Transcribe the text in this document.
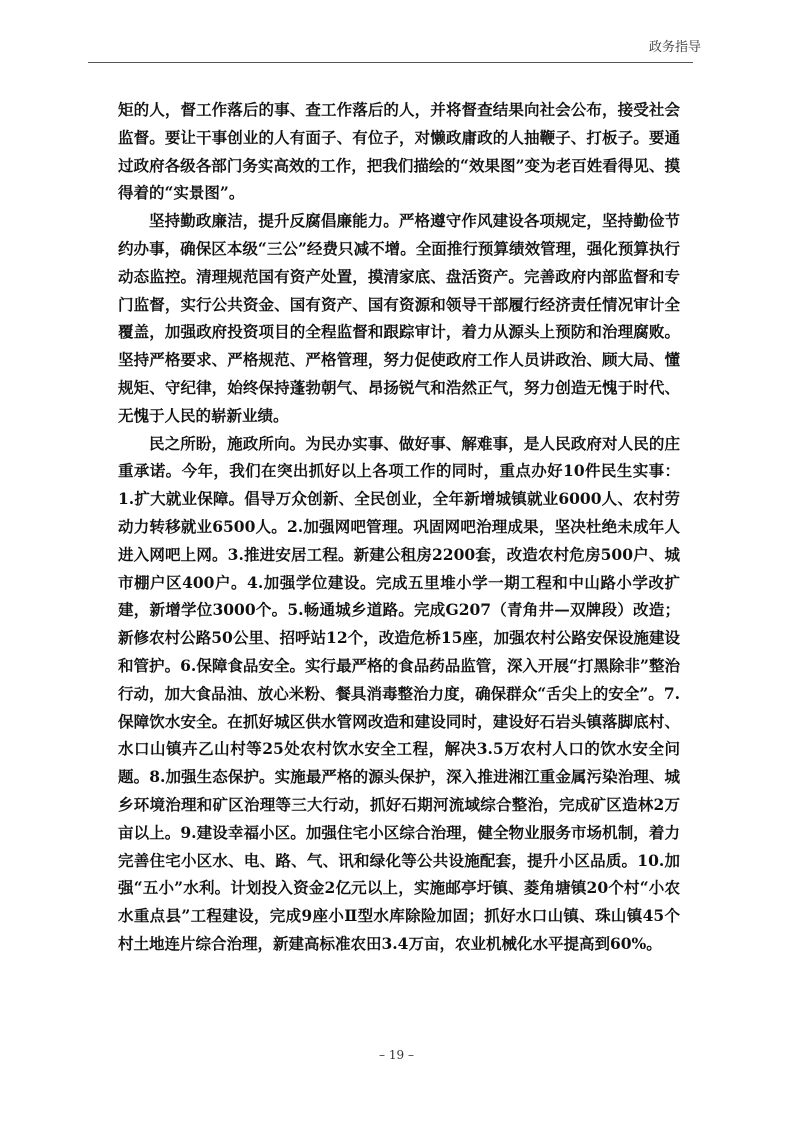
政务指导

矩的人，督工作落后的事、查工作落后的人，并将督查结果向社会公布，接受社会监督。要让干事创业的人有面子、有位子，对懒政庸政的人抽鞭子、打板子。要通过政府各级各部门务实高效的工作，把我们描绘的“效果图”变为老百姓看得见、摸得着的“实景图”。

坚持勤政廉洁，提升反腐倡廉能力。严格遵守作风建设各项规定，坚持勤俭节约办事，确保区本级“三公”经费只减不增。全面推行预算绩效管理，强化预算执行动态监控。清理规范国有资产处置，摸清家底、盘活资产。完善政府内部监督和专门监督，实行公共资金、国有资产、国有资源和领导干部履行经济责任情况审计全覆盖，加强政府投资项目的全程监督和跟踪审计，着力从源头上预防和治理腐败。坚持严格要求、严格规范、严格管理，努力促使政府工作人员讲政治、顾大局、懂规矩、守纪律，始终保持蓬勃朝气、昂扬锐气和浩然正气，努力创造无愧于时代、无愧于人民的崭新业绩。

民之所盼，施政所向。为民办实事、做好事、解难事，是人民政府对人民的庄重承诺。今年，我们在突出抓好以上各项工作的同时，重点办好10件民生实事：1.扩大就业保障。倡导万众创新、全民创业，全年新增城镇就业6000人、农村劳动力转移就业6500人。2.加强网吧管理。巩固网吧治理成果，坚决杜绝未成年人进入网吧上网。3.推进安居工程。新建公租房2200套，改造农村危房500户、城市棚户区400户。4.加强学位建设。完成五里堆小学一期工程和中山路小学改扩建，新增学位3000个。5.畅通城乡道路。完成G207（青角井—双牌段）改造；新修农村公路50公里、招呼站12个，改造危桥15座，加强农村公路安保设施建设和管护。6.保障食品安全。实行最严格的食品药品监管，深入开展“打黑除非”整治行动，加大食品油、放心米粉、餐具消毒整治力度，确保群众“舌尖上的安全”。7.保障饮水安全。在抓好城区供水管网改造和建设同时，建设好石岩头镇落脚底村、水口山镇卉乙山村等25处农村饮水安全工程，解决3.5万农村人口的饮水安全问题。8.加强生态保护。实施最严格的源头保护，深入推进湘江重金属污染治理、城乡环境治理和矿区治理等三大行动，抓好石期河流域综合整治，完成矿区造林2万亩以上。9.建设幸福小区。加强住宅小区综合治理，健全物业服务市场机制，着力完善住宅小区水、电、路、气、讯和绿化等公共设施配套，提升小区品质。10.加强“五小”水利。计划投入资金2亿元以上，实施邮亭圩镇、菱角塘镇20个村“小农水重点县”工程建设，完成9座小Ⅱ型水库除险加固；抓好水口山镇、珠山镇45个村土地连片综合治理，新建高标准农田3.4万亩，农业机械化水平提高到60%。

– 19 –
